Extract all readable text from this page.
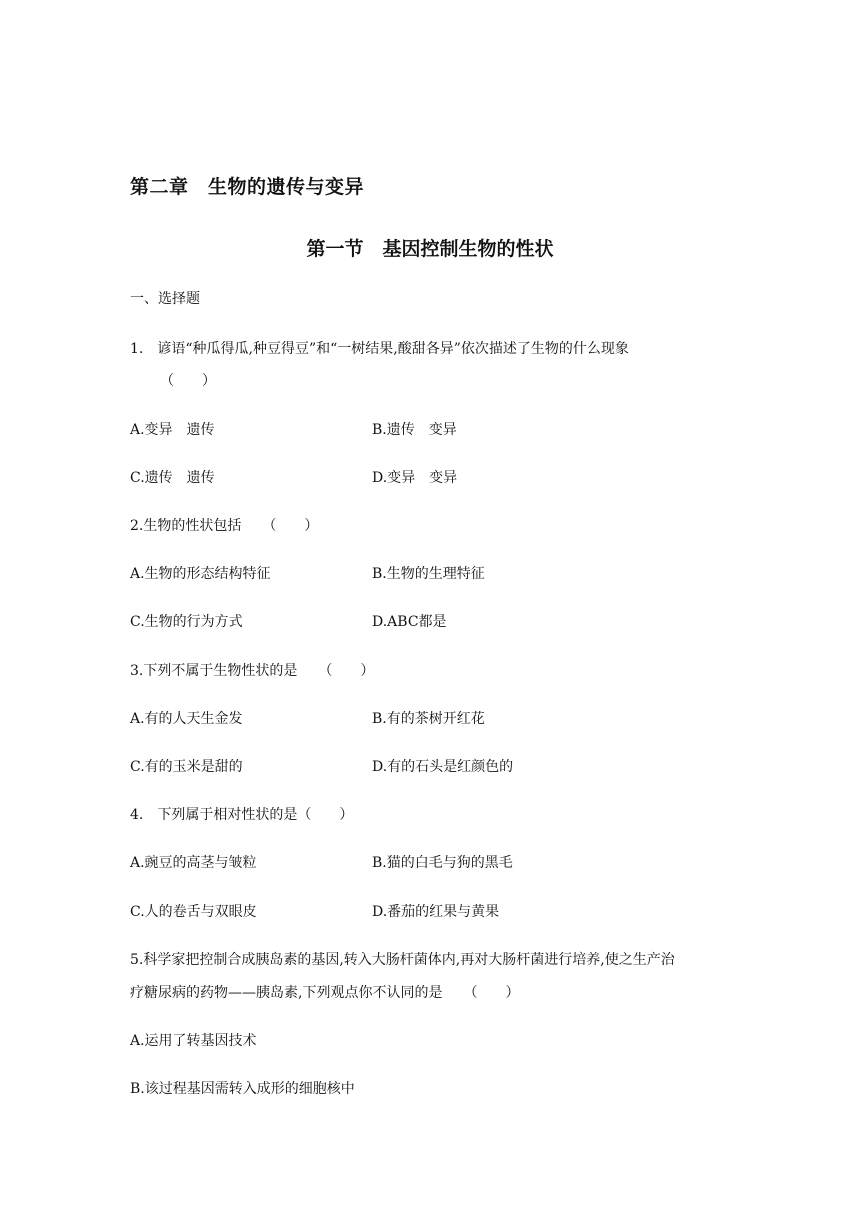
第二章　生物的遗传与变异
第一节　基因控制生物的性状
一、选择题
1.　谚语“种瓜得瓜,种豆得豆”和“一树结果,酸甜各异”依次描述了生物的什么现象
（　　）
A.变异　遗传	B.遗传　变异
C.遗传　遗传	D.变异　变异
2.生物的性状包括　　（　　）
A.生物的形态结构特征	B.生物的生理特征
C.生物的行为方式	D.ABC都是
3.下列不属于生物性状的是　　（　　）
A.有的人天生金发	B.有的茶树开红花
C.有的玉米是甜的	D.有的石头是红颜色的
4.　下列属于相对性状的是（　　）
A.豌豆的高茎与皱粒	B.猫的白毛与狗的黑毛
C.人的卷舌与双眼皮	D.番茄的红果与黄果
5.科学家把控制合成胰岛素的基因,转入大肠杆菌体内,再对大肠杆菌进行培养,使之生产治
疗糖尿病的药物——胰岛素,下列观点你不认同的是　　（　　）
A.运用了转基因技术
B.该过程基因需转入成形的细胞核中
